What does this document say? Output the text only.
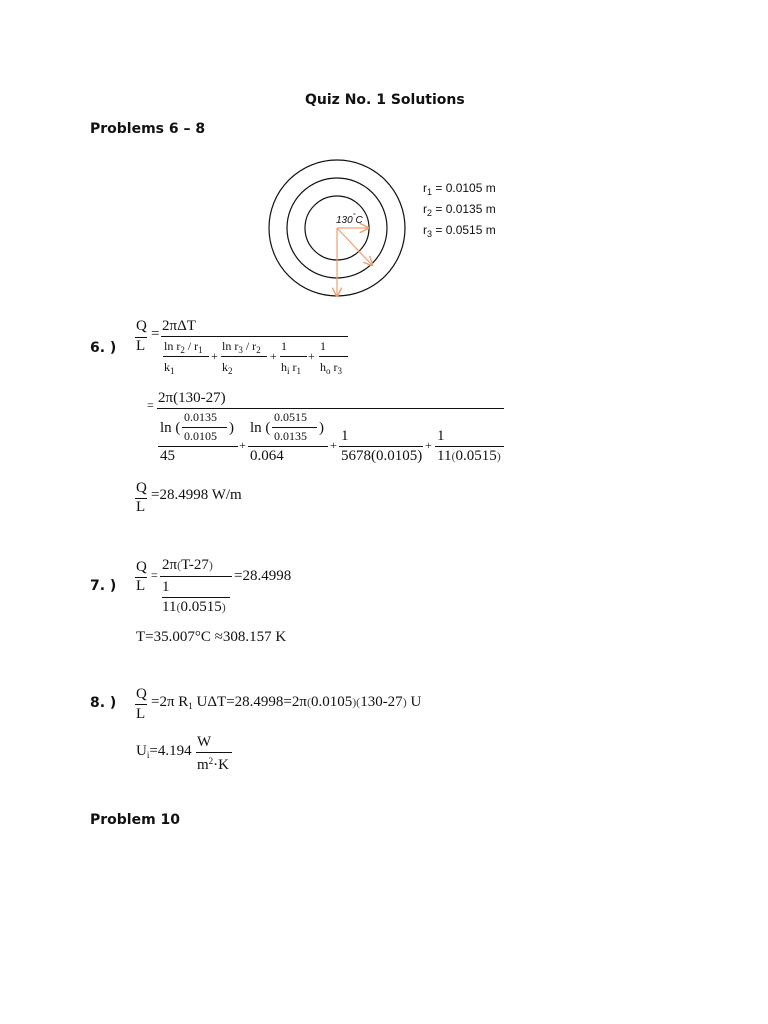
Quiz No. 1 Solutions
Problems 6 – 8
130°C
$r_1 = 0.0105$ m
$r_2 = 0.0135$ m
$r_3 = 0.0515$ m
6. )
Q
L
= 2πΔT
$\ln r_2 / r_1$
$k_1$
+
$\ln r_3 / r_2$
$k_2$
+
1
$h_i$ $r_1$
+
1
$h_o$ $r_3$
= 2π(130-27)
ln (
0.0135
0.0105 )
45
+
ln (
0.0515
0.0135 )
0.064
+
1
5678(0.0105)
+
1
11(0.0515)
Q
L
=28.4998 W/m
7. )
Q
L
=
2π(T-27)
1
11(0.0515)
=28.4998
T=35.007°C ≈308.157 K
8. )
Q
L
=2π $R_1$ UΔT=28.4998=2π(0.0105)(130-27) U
$U_i=4.194$
W
$m^2\cdot K$
Problem 10
